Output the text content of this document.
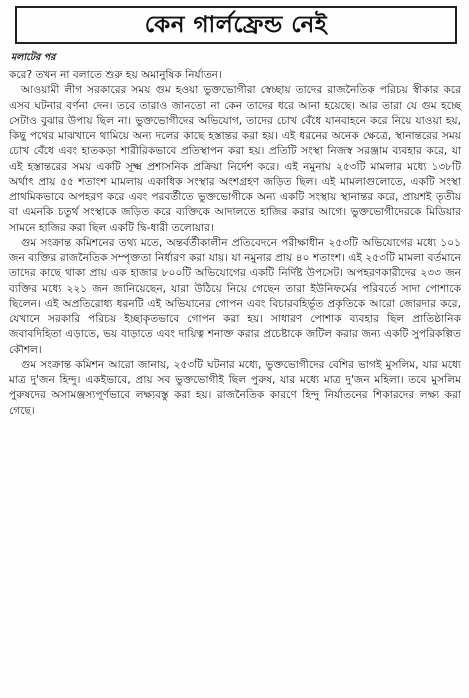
কেন গার্লফ্রেন্ড নেই
মলাটের পর

করে? তখন না বলাতে শুরু হয় অমানুষিক নির্যাতন।

আওয়ামী লীগ সরকারের সময় গুম হওয়া ভুক্তভোগীরা স্বেচ্ছায় তাদের রাজনৈতিক পরিচয় স্বীকার করে এসব ঘটনার বর্ণনা দেন। তবে তারাও জানতো না কেন তাদের ধরে আনা হয়েছে। আর তারা যে গুম হচ্ছে সেটাও বুঝার উপায় ছিল না। ভুক্তভোগীদের অভিযোগ, তাদের চোখ বেঁধে যানবাহনে করে নিয়ে যাওয়া হয়, কিছু পথের মাঝখানে থামিয়ে অন্য দলের কাছে হস্তান্তর করা হয়। এই ধরনের অনেক ক্ষেত্রে, স্থানান্তরের সময় চোখ বেঁধে এবং হাতকড়া শারীরিকভাবে প্রতিস্থাপন করা হয়। প্রতিটি সংস্থা নিজস্ব সরঞ্জাম ব্যবহার করে, যা এই হস্তান্তরের সময় একটি সূক্ষ্ম প্রশাসনিক প্রক্রিয়া নির্দেশ করে। এই নমুনায় ২৫৩টি মামলার মধ্যে ১৩৮টি অর্থাৎ প্রায় ৫৫ শতাংশ মামলায় একাধিক সংস্থার অংশগ্রহণ জড়িত ছিল। এই মামলাগুলোতে, একটি সংস্থা প্রাথমিকভাবে অপহরণ করে এবং পরবর্তীতে ভুক্তভোগীকে অন্য একটি সংস্থায় স্থানান্তর করে, প্রায়শই তৃতীয় বা এমনকি চতুর্থ সংস্থাকে জড়িত করে ব্যক্তিকে আদালতে হাজির করার আগে। ভুক্তভোগীদেরকে মিডিয়ার সামনে হাজির করা ছিল একটি দ্বি-ধারী তলোয়ার।

গুম সংক্রান্ত কমিশনের তথ্য মতে, অন্তর্বর্তীকালীন প্রতিবেদনে পরীক্ষাধীন ২৫৩টি অভিযোগের মধ্যে ১০১ জন ব্যক্তির রাজনৈতিক সম্পৃক্ততা নির্ধারণ করা যায়। যা নমুনার প্রায় ৪০ শতাংশ। এই ২৫৩টি মামলা বর্তমানে তাদের কাছে থাকা প্রায় এক হাজার ৮০০টি অভিযোগের একটি নির্দিষ্ট উপসেট। অপহরণকারীদের ২৩৩ জন ব্যক্তির মধ্যে ২২১ জন জানিয়েছেন, যারা উঠিয়ে নিয়ে গেছেন তারা ইউনিফর্মের পরিবর্তে সাদা পোশাকে ছিলেন। এই অপ্রতিরোধ্য ধরনটি এই অভিযানের গোপন এবং বিচারবহির্ভূত প্রকৃতিকে আরো জোরদার করে, যেখানে সরকারি পরিচয় ইচ্ছাকৃতভাবে গোপন করা হয়। সাধারণ পোশাক ব্যবহার ছিল প্রাতিষ্ঠানিক জবাবদিহিতা এড়াতে, ভয় বাড়াতে এবং দায়িত্ব শনাক্ত করার প্রচেষ্টাকে জটিল করার জন্য একটি সুপরিকল্পিত কৌশল।

গুম সংক্রান্ত কমিশন আরো জানায়, ২৫৩টি ঘটনার মধ্যে, ভুক্তভোগীদের বেশির ভাগই মুসলিম, যার মধ্যে মাত্র দু'জন হিন্দু। একইভাবে, প্রায় সব ভুক্তভোগীই ছিল পুরুষ, যার মধ্যে মাত্র দু'জন মহিলা। তবে মুসলিম পুরুষদের অসামঞ্জস্যপূর্ণভাবে লক্ষ্যবস্তু করা হয়। রাজনৈতিক কারণে হিন্দু নির্যাতনের শিকারদের লক্ষ্য করা গেছে।
